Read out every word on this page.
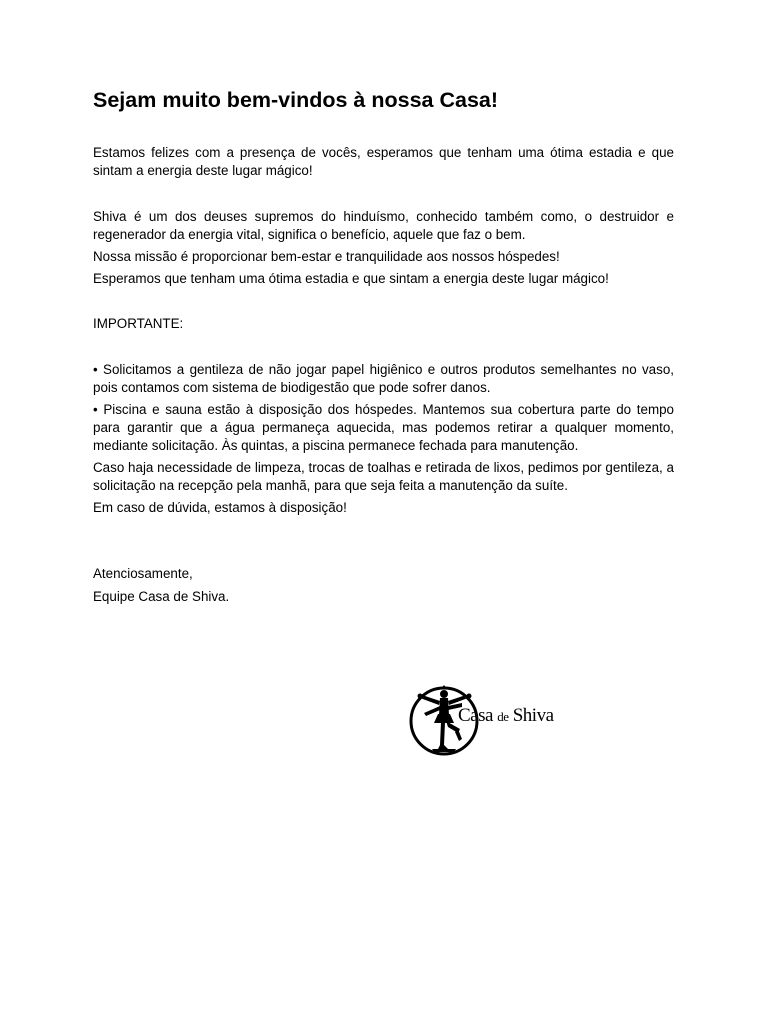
Sejam muito bem-vindos à nossa Casa!

Estamos felizes com a presença de vocês, esperamos que tenham uma ótima estadia e que sintam a energia deste lugar mágico!

Shiva é um dos deuses supremos do hinduísmo, conhecido também como, o destruidor e regenerador da energia vital, significa o benefício, aquele que faz o bem.

Nossa missão é proporcionar bem-estar e tranquilidade aos nossos hóspedes!

Esperamos que tenham uma ótima estadia e que sintam a energia deste lugar mágico!

IMPORTANTE:

• Solicitamos a gentileza de não jogar papel higiênico e outros produtos semelhantes no vaso, pois contamos com sistema de biodigestão que pode sofrer danos.

• Piscina e sauna estão à disposição dos hóspedes. Mantemos sua cobertura parte do tempo para garantir que a água permaneça aquecida, mas podemos retirar a qualquer momento, mediante solicitação. Às quintas, a piscina permanece fechada para manutenção.

Caso haja necessidade de limpeza, trocas de toalhas e retirada de lixos, pedimos por gentileza, a solicitação na recepção pela manhã, para que seja feita a manutenção da suíte.

Em caso de dúvida, estamos à disposição!

Atenciosamente,

Equipe Casa de Shiva.

Casa de Shiva
